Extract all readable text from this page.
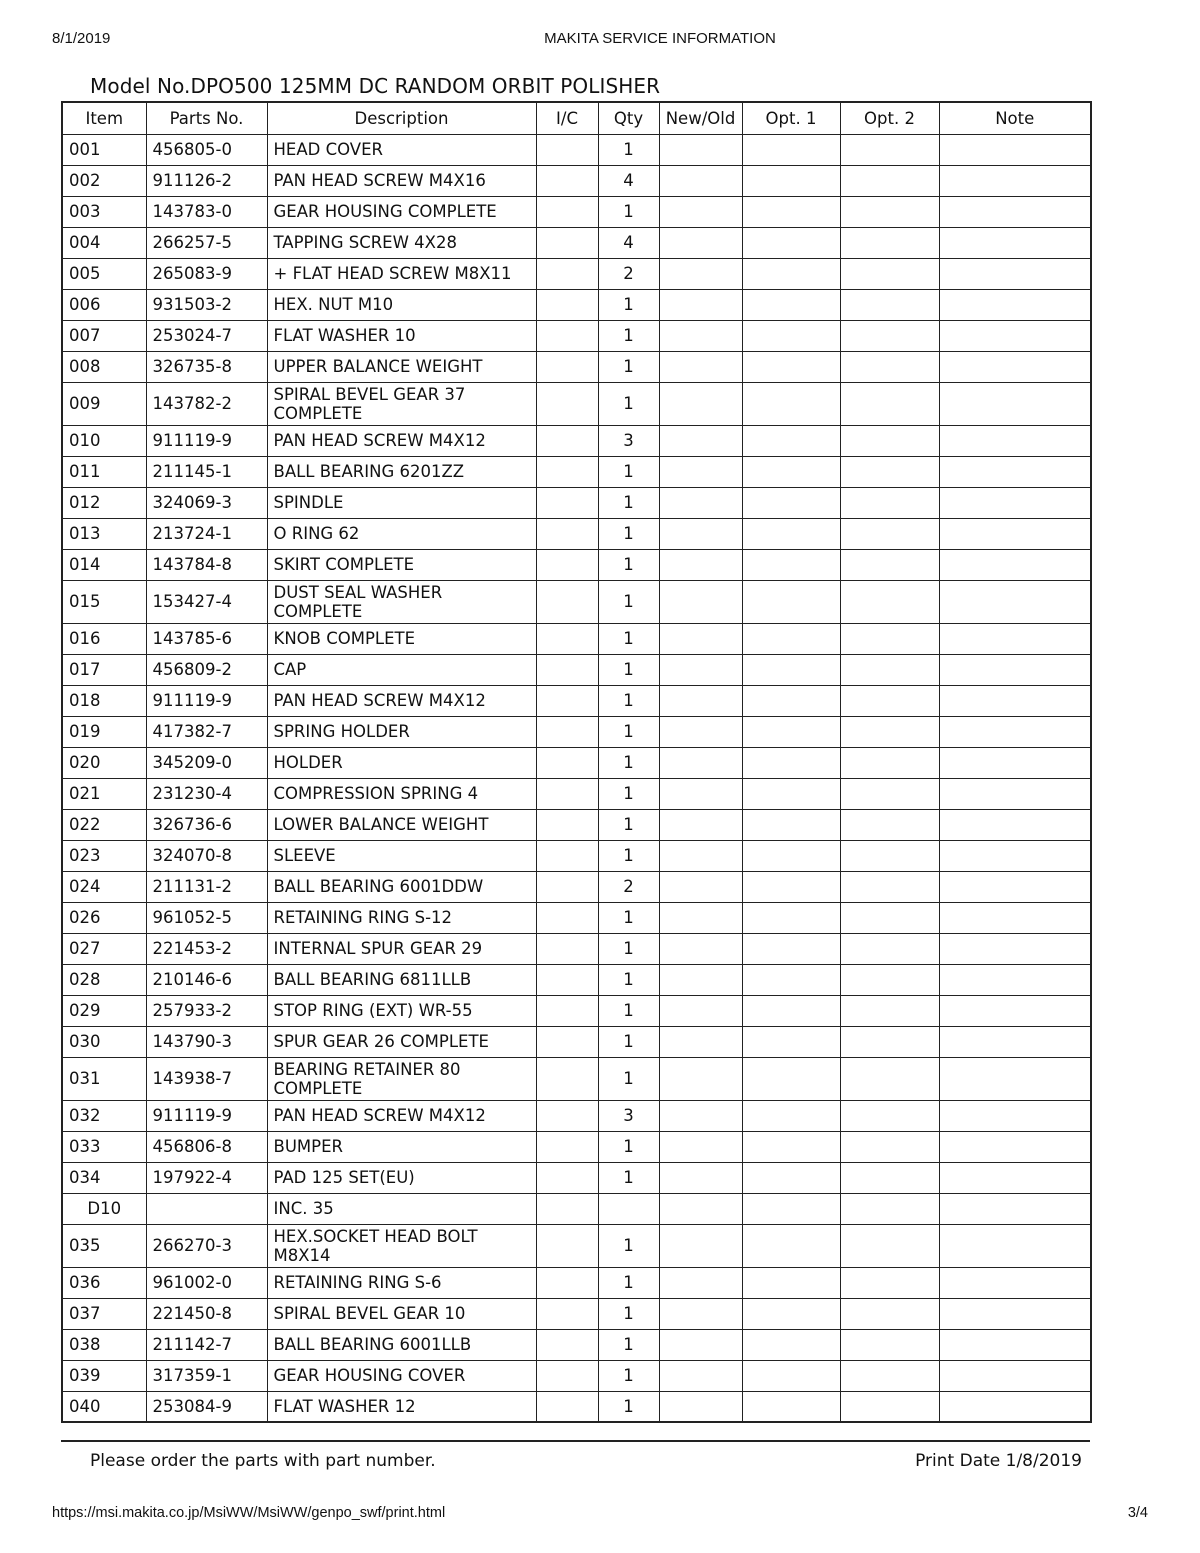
8/1/2019	MAKITA SERVICE INFORMATION
Model No.DPO500 125MM DC RANDOM ORBIT POLISHER
Item	Parts No.	Description	I/C	Qty	New/Old	Opt. 1	Opt. 2	Note
001	456805-0	HEAD COVER		1				
002	911126-2	PAN HEAD SCREW M4X16		4				
003	143783-0	GEAR HOUSING COMPLETE		1				
004	266257-5	TAPPING SCREW 4X28		4				
005	265083-9	+ FLAT HEAD SCREW M8X11		2				
006	931503-2	HEX. NUT M10		1				
007	253024-7	FLAT WASHER 10		1				
008	326735-8	UPPER BALANCE WEIGHT		1				
009	143782-2	SPIRAL BEVEL GEAR 37 COMPLETE		1				
010	911119-9	PAN HEAD SCREW M4X12		3				
011	211145-1	BALL BEARING 6201ZZ		1				
012	324069-3	SPINDLE		1				
013	213724-1	O RING 62		1				
014	143784-8	SKIRT COMPLETE		1				
015	153427-4	DUST SEAL WASHER COMPLETE		1				
016	143785-6	KNOB COMPLETE		1				
017	456809-2	CAP		1				
018	911119-9	PAN HEAD SCREW M4X12		1				
019	417382-7	SPRING HOLDER		1				
020	345209-0	HOLDER		1				
021	231230-4	COMPRESSION SPRING 4		1				
022	326736-6	LOWER BALANCE WEIGHT		1				
023	324070-8	SLEEVE		1				
024	211131-2	BALL BEARING 6001DDW		2				
026	961052-5	RETAINING RING S-12		1				
027	221453-2	INTERNAL SPUR GEAR 29		1				
028	210146-6	BALL BEARING 6811LLB		1				
029	257933-2	STOP RING (EXT) WR-55		1				
030	143790-3	SPUR GEAR 26 COMPLETE		1				
031	143938-7	BEARING RETAINER 80 COMPLETE		1				
032	911119-9	PAN HEAD SCREW M4X12		3				
033	456806-8	BUMPER		1				
034	197922-4	PAD 125 SET(EU)		1				
D10		INC. 35						
035	266270-3	HEX.SOCKET HEAD BOLT M8X14		1				
036	961002-0	RETAINING RING S-6		1				
037	221450-8	SPIRAL BEVEL GEAR 10		1				
038	211142-7	BALL BEARING 6001LLB		1				
039	317359-1	GEAR HOUSING COVER		1				
040	253084-9	FLAT WASHER 12		1				
Please order the parts with part number.	Print Date 1/8/2019
https://msi.makita.co.jp/MsiWW/MsiWW/genpo_swf/print.html	3/4
